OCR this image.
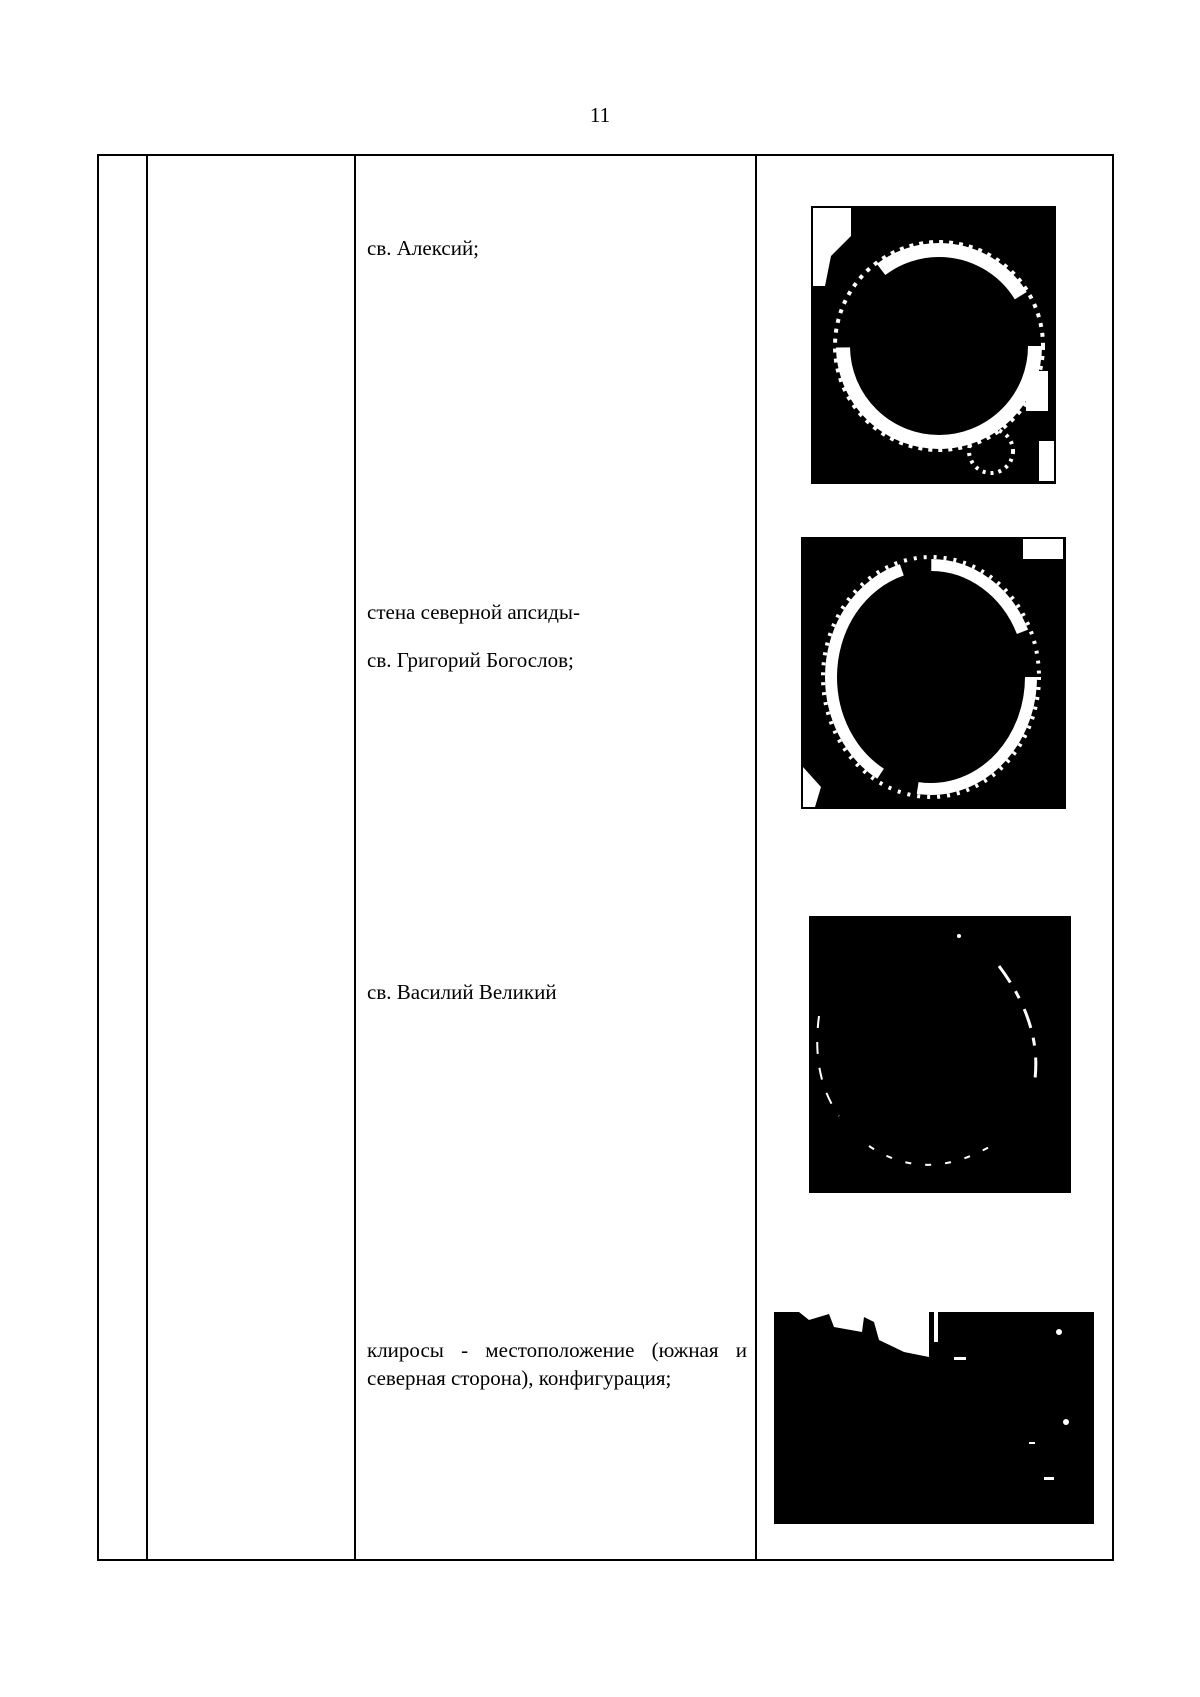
11
св. Алексий;
стена северной апсиды-
св. Григорий Богослов;
св. Василий Великий
клиросы - местоположение (южная и
северная сторона), конфигурация;
